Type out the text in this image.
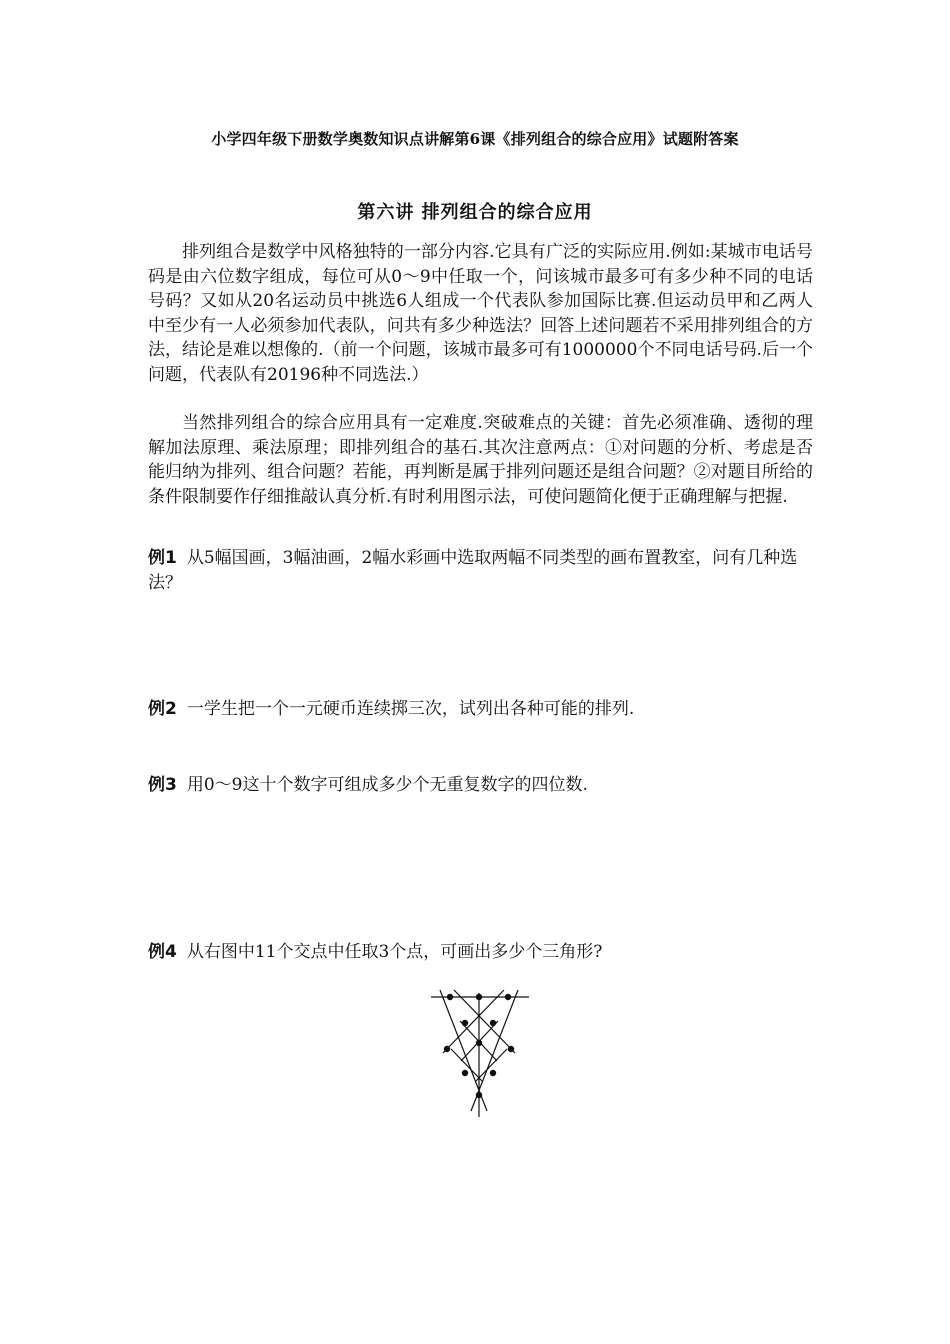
小学四年级下册数学奥数知识点讲解第6课《排列组合的综合应用》试题附答案
第六讲 排列组合的综合应用

排列组合是数学中风格独特的一部分内容.它具有广泛的实际应用.例如:某城市电话号码是由六位数字组成，每位可从0～9中任取一个，问该城市最多可有多少种不同的电话号码？又如从20名运动员中挑选6人组成一个代表队参加国际比赛.但运动员甲和乙两人中至少有一人必须参加代表队，问共有多少种选法？回答上述问题若不采用排列组合的方法，结论是难以想像的.（前一个问题，该城市最多可有1000000个不同电话号码.后一个问题，代表队有20196种不同选法.）

当然排列组合的综合应用具有一定难度.突破难点的关键：首先必须准确、透彻的理解加法原理、乘法原理；即排列组合的基石.其次注意两点：①对问题的分析、考虑是否能归纳为排列、组合问题？若能，再判断是属于排列问题还是组合问题？②对题目所给的条件限制要作仔细推敲认真分析.有时利用图示法，可使问题简化便于正确理解与把握.

例1 从5幅国画，3幅油画，2幅水彩画中选取两幅不同类型的画布置教室，问有几种选法？

例2 一学生把一个一元硬币连续掷三次，试列出各种可能的排列.

例3 用0～9这十个数字可组成多少个无重复数字的四位数.

例4 从右图中11个交点中任取3个点，可画出多少个三角形?
